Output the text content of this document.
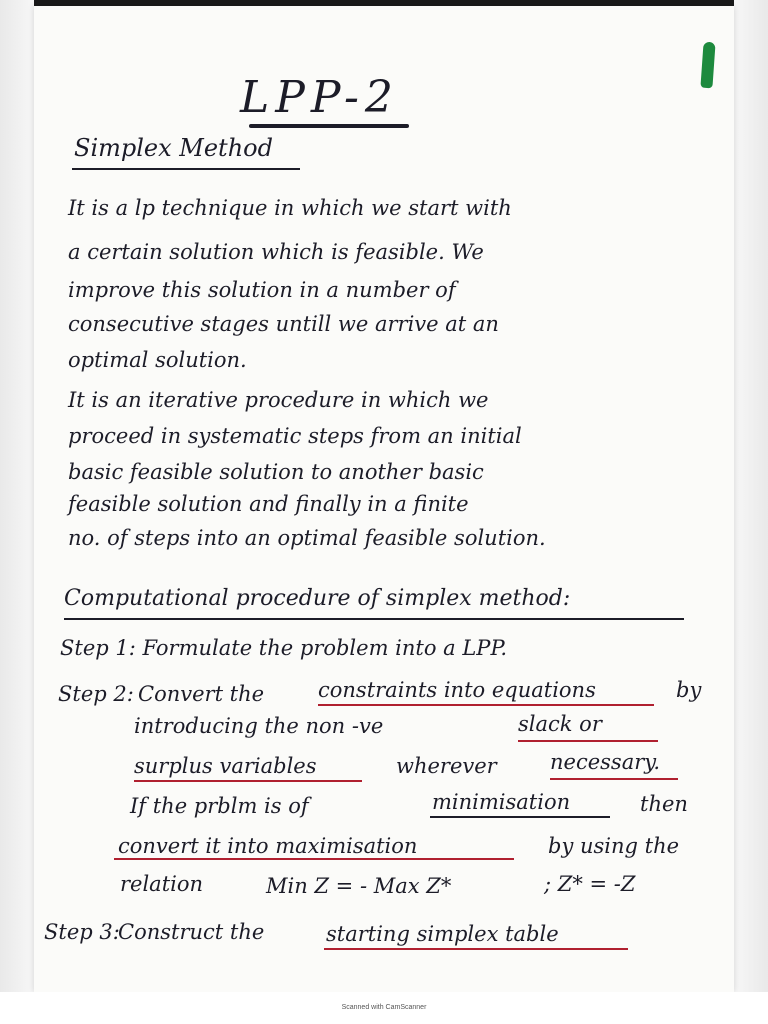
LPP-2
Simplex Method
It is a lp technique in which we start with
a certain solution which is feasible. We
improve this solution in a number of
consecutive stages untill we arrive at an
optimal solution.
It is an iterative procedure in which we
proceed in systematic steps from an initial
basic feasible solution to another basic
feasible solution and finally in a finite
no. of steps into an optimal feasible solution.
Computational procedure of simplex method:
Step 1: Formulate the problem into a LPP.
Step 2: Convert the	constraints into equations	by
introducing the non -ve	slack or
surplus variables	wherever	necessary.
If the prblm is of	minimisation	then
convert it into maximisation	by using the
relation	Min Z = - Max Z*	; Z* = -Z
Step 3:
Construct the	starting simplex table
Scanned with CamScanner
